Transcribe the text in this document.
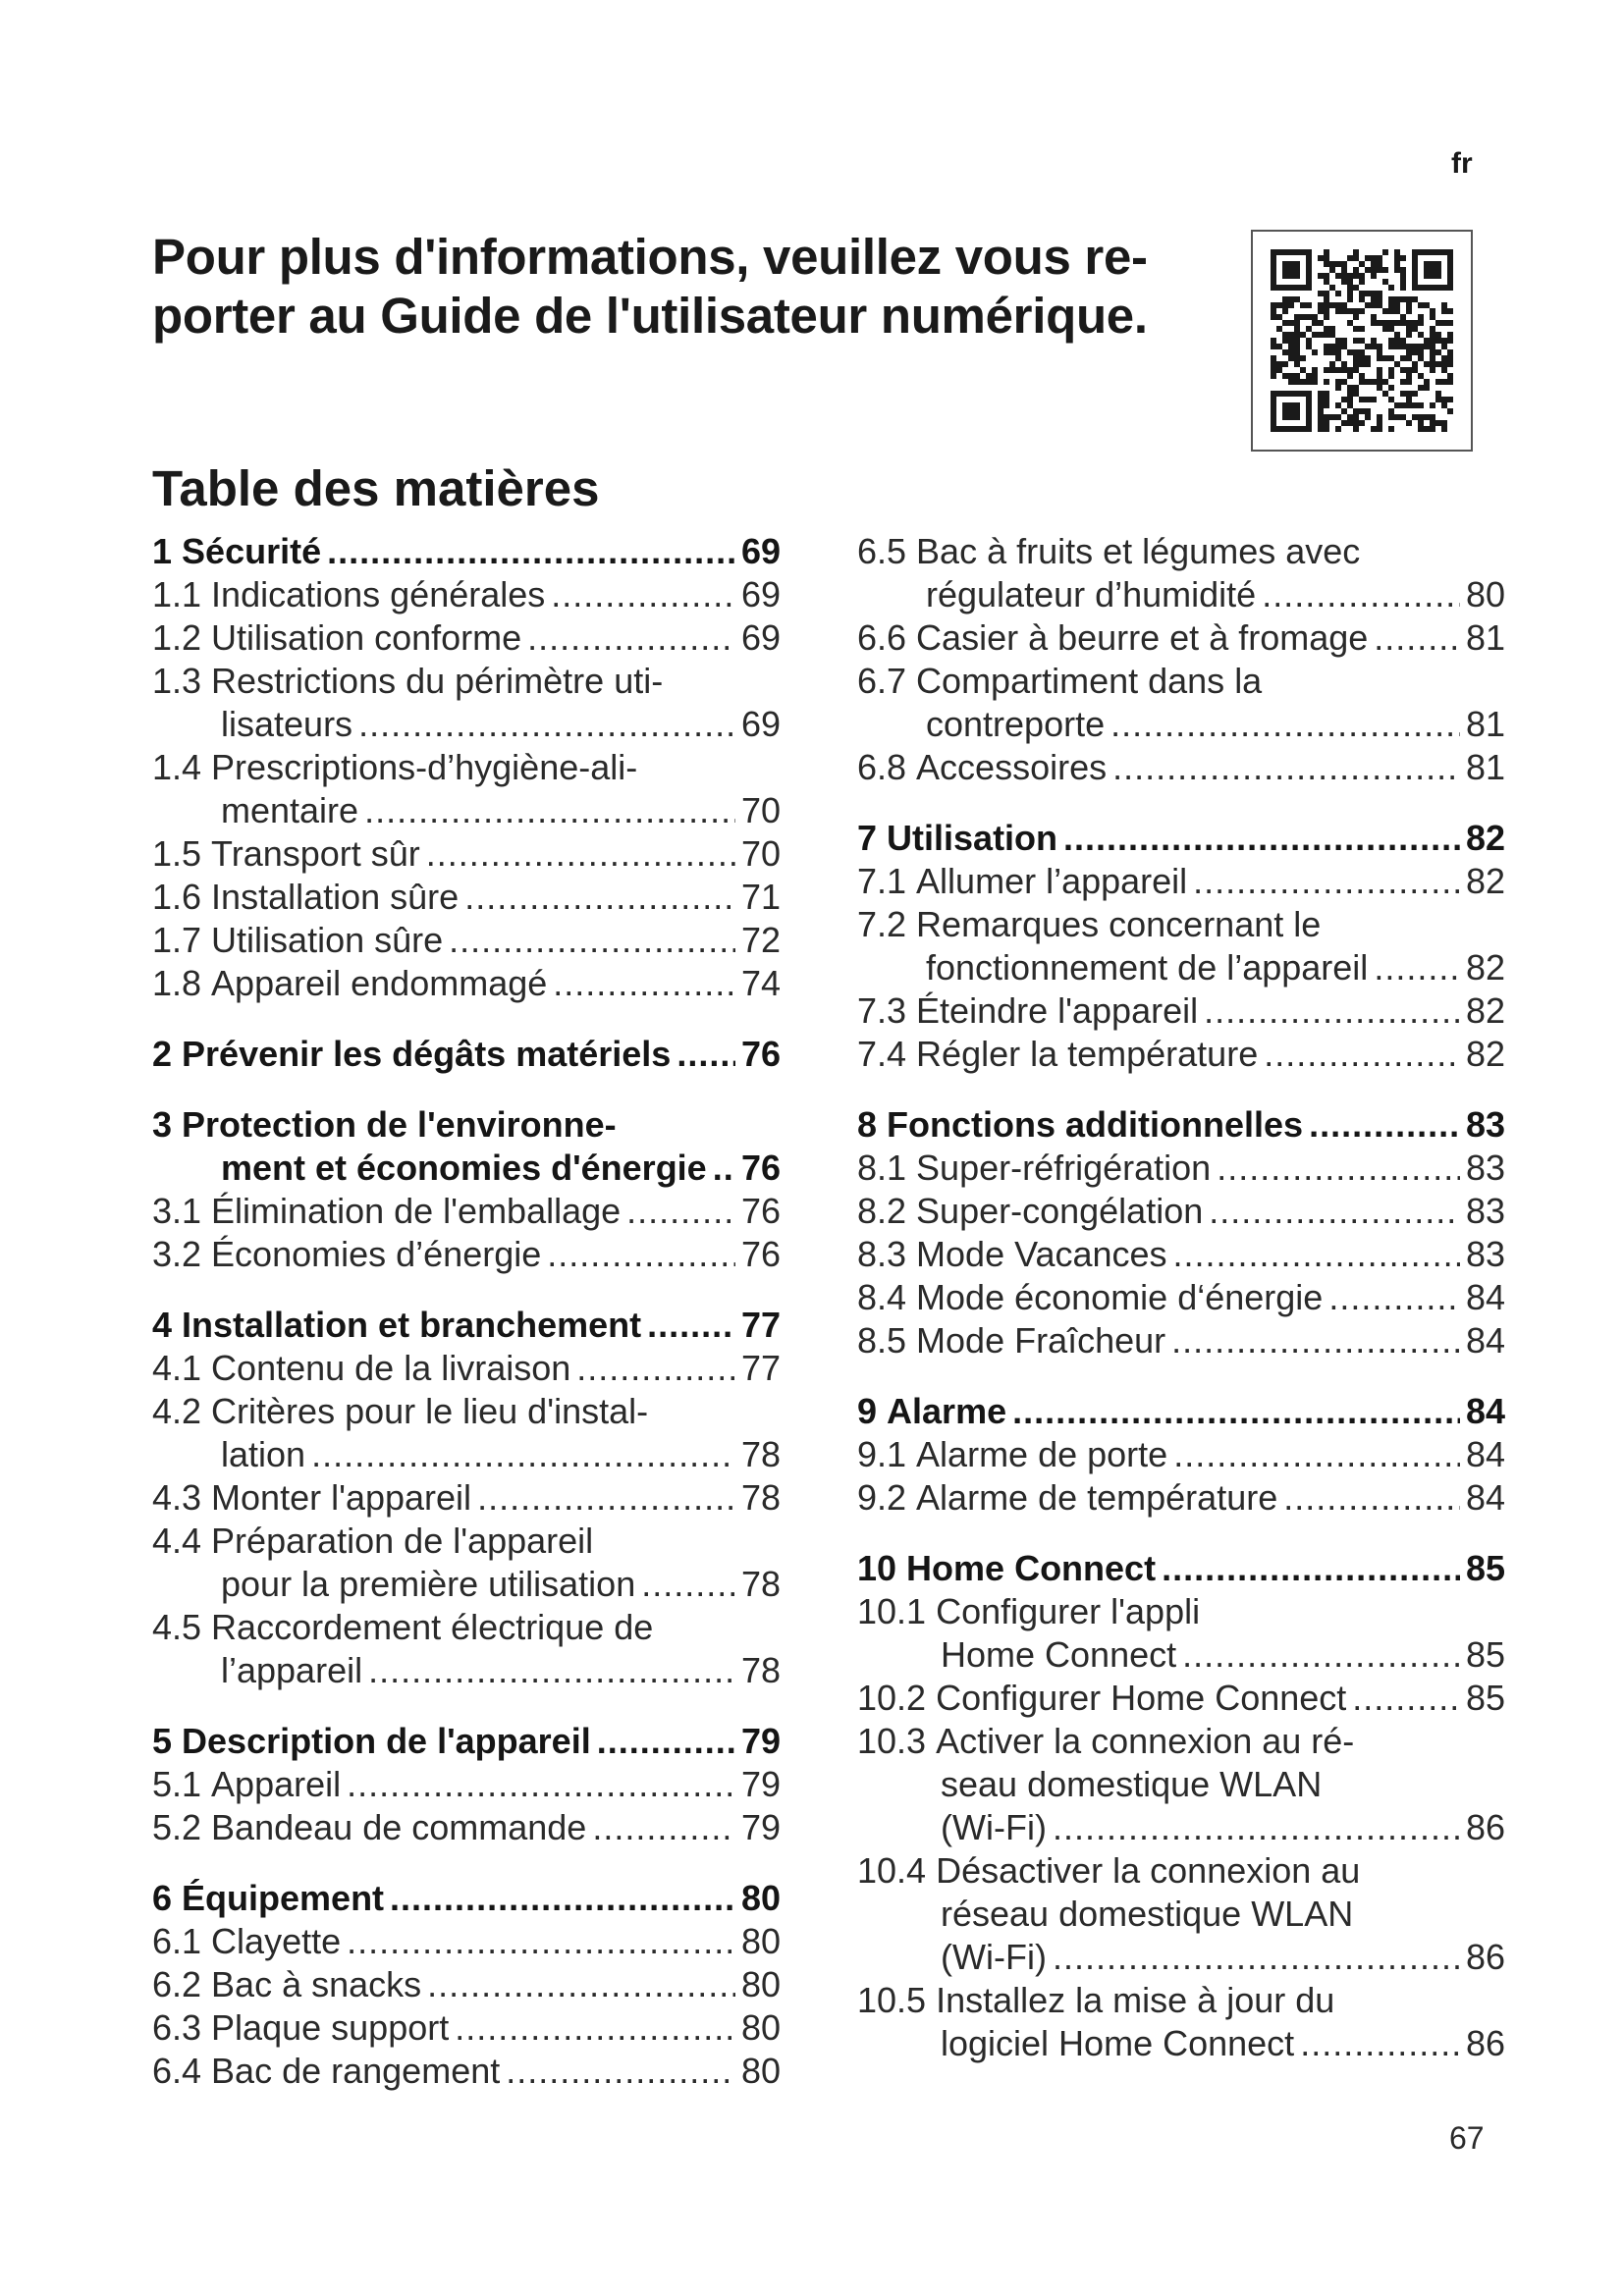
fr
Pour plus d'informations, veuillez vous re-
porter au Guide de l'utilisateur numérique.
Table des matières
1 Sécurité .....	69
1.1 Indications générales .....	69
1.2 Utilisation conforme .....	69
1.3 Restrictions du périmètre uti-
lisateurs .....	69
1.4 Prescriptions-d’hygiène-ali-
mentaire .....	70
1.5 Transport sûr .....	70
1.6 Installation sûre .....	71
1.7 Utilisation sûre .....	72
1.8 Appareil endommagé .....	74
2 Prévenir les dégâts matériels ..... 76
3 Protection de l'environne-
ment et économies d'énergie ..... 76
3.1 Élimination de l'emballage .....	76
3.2 Économies d’énergie .....	76
4 Installation et branchement .....	77
4.1 Contenu de la livraison .....	77
4.2 Critères pour le lieu d'instal-
lation .....	78
4.3 Monter l'appareil .....	78
4.4 Préparation de l'appareil
pour la première utilisation .....	78
4.5 Raccordement électrique de
l’appareil .....	78
5 Description de l'appareil .....	79
5.1 Appareil .....	79
5.2 Bandeau de commande .....	79
6 Équipement .....	80
6.1 Clayette .....	80
6.2 Bac à snacks .....	80
6.3 Plaque support .....	80
6.4 Bac de rangement .....	80
6.5 Bac à fruits et légumes avec
régulateur d’humidité .....	80
6.6 Casier à beurre et à fromage .....	81
6.7 Compartiment dans la
contreporte .....	81
6.8 Accessoires .....	81
7 Utilisation .....	82
7.1 Allumer l’appareil .....	82
7.2 Remarques concernant le
fonctionnement de l’appareil .....	82
7.3 Éteindre l'appareil .....	82
7.4 Régler la température .....	82
8 Fonctions additionnelles .....	83
8.1 Super-réfrigération .....	83
8.2 Super-congélation .....	83
8.3 Mode Vacances .....	83
8.4 Mode économie d‘énergie .....	84
8.5 Mode Fraîcheur .....	84
9 Alarme .....	84
9.1 Alarme de porte .....	84
9.2 Alarme de température .....	84
10 Home Connect .....	85
10.1 Configurer l'appli
Home Connect .....	85
10.2 Configurer Home Connect .....	85
10.3 Activer la connexion au ré-
seau domestique WLAN
(Wi-Fi) .....	86
10.4 Désactiver la connexion au
réseau domestique WLAN
(Wi-Fi) .....	86
10.5 Installez la mise à jour du
logiciel Home Connect .....	86
67
